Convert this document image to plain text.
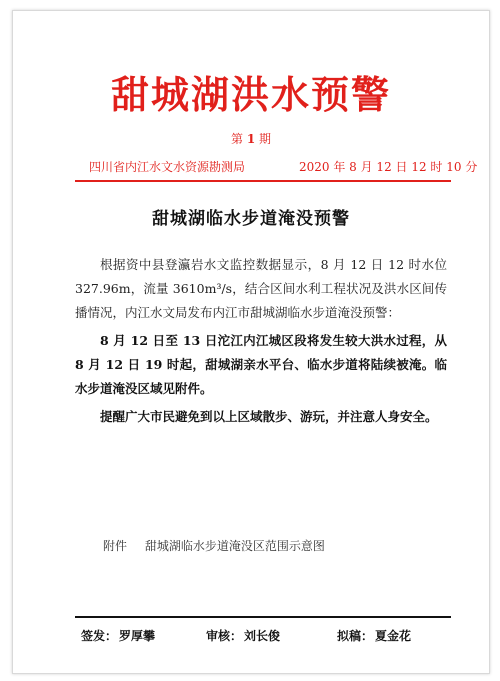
甜城湖洪水预警
第 1 期
四川省内江水文水资源勘测局	2020 年 8 月 12 日 12 时 10 分
甜城湖临水步道淹没预警

根据资中县登瀛岩水文监控数据显示，8 月 12 日 12 时水位 327.96m，流量 3610m³/s，结合区间水利工程状况及洪水区间传播情况，内江水文局发布内江市甜城湖临水步道淹没预警：

8 月 12 日至 13 日沱江内江城区段将发生较大洪水过程，从 8 月 12 日 19 时起，甜城湖亲水平台、临水步道将陆续被淹。临水步道淹没区域见附件。

提醒广大市民避免到以上区域散步、游玩，并注意人身安全。

附件 甜城湖临水步道淹没区范围示意图
签发： 罗厚攀	审核： 刘长俊	拟稿： 夏金花
